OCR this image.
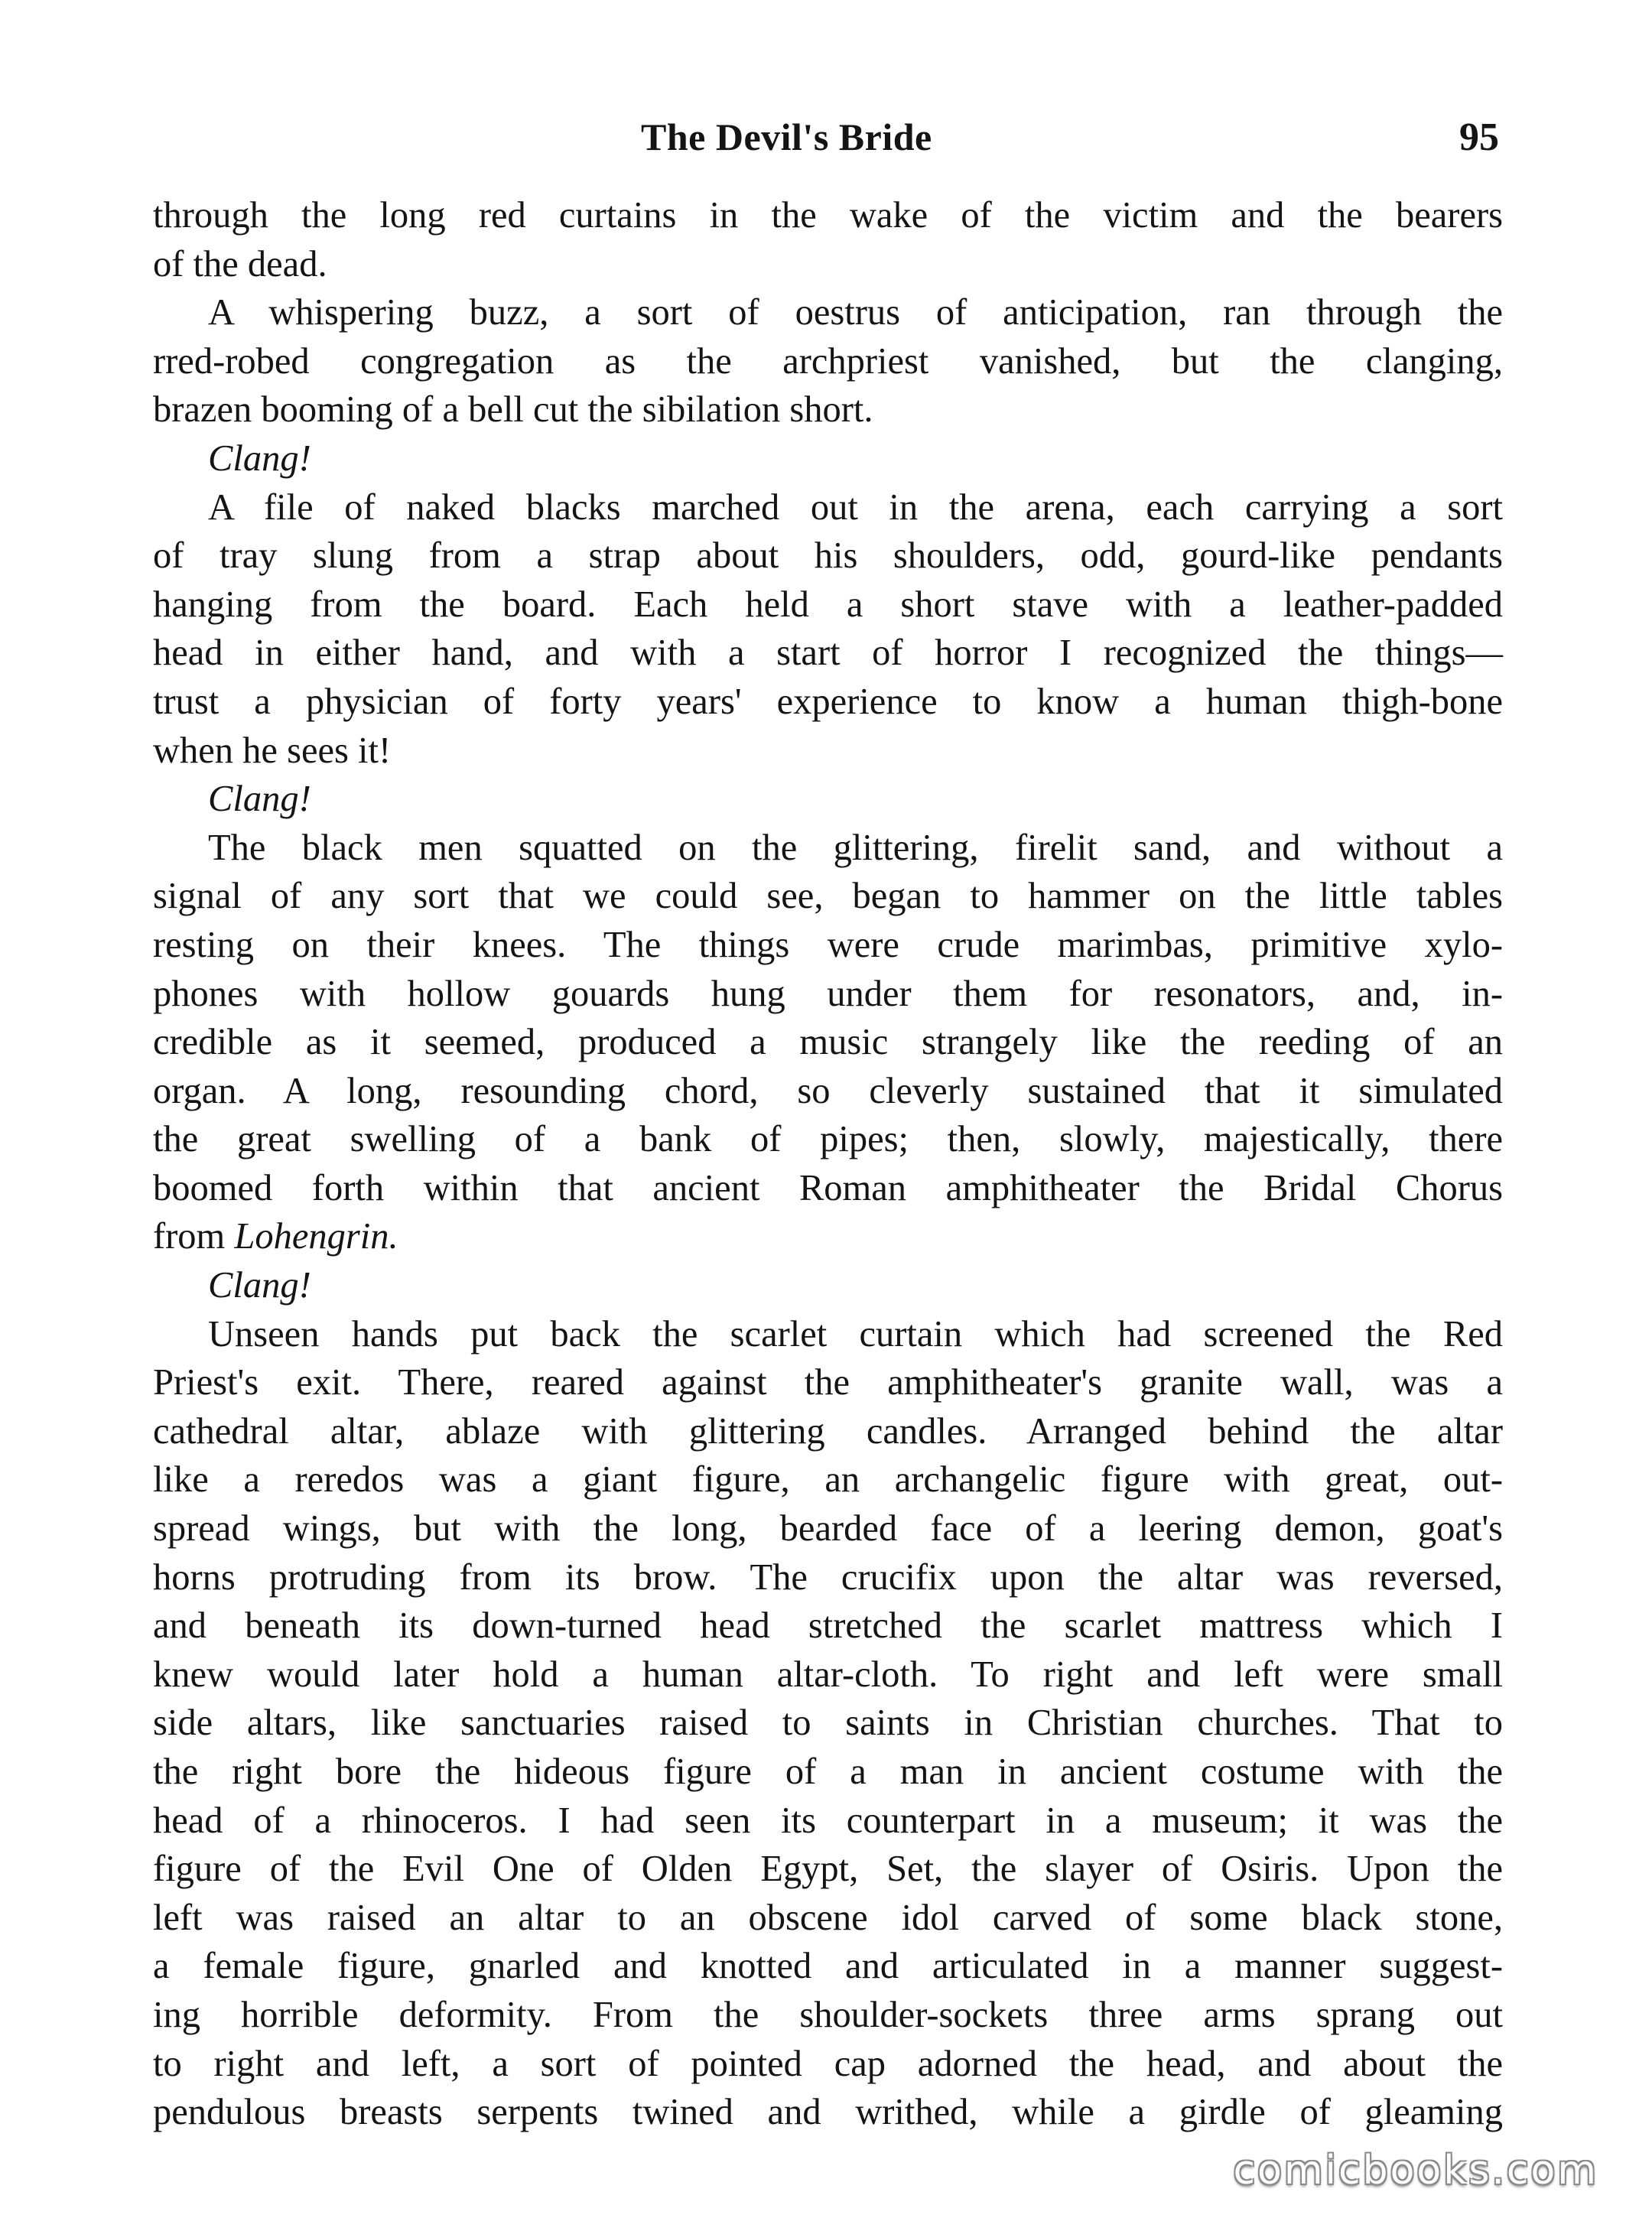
The Devil's Bride	95
through the long red curtains in the wake of the victim and the bearers
of the dead.
A whispering buzz, a sort of oestrus of anticipation, ran through the
rred-robed congregation as the archpriest vanished, but the clanging,
brazen booming of a bell cut the sibilation short.
Clang!
A file of naked blacks marched out in the arena, each carrying a sort
of tray slung from a strap about his shoulders, odd, gourd-like pendants
hanging from the board. Each held a short stave with a leather-padded
head in either hand, and with a start of horror I recognized the things—
trust a physician of forty years' experience to know a human thigh-bone
when he sees it!
Clang!
The black men squatted on the glittering, firelit sand, and without a
signal of any sort that we could see, began to hammer on the little tables
resting on their knees. The things were crude marimbas, primitive xylo-
phones with hollow gouards hung under them for resonators, and, in-
credible as it seemed, produced a music strangely like the reeding of an
organ. A long, resounding chord, so cleverly sustained that it simulated
the great swelling of a bank of pipes; then, slowly, majestically, there
boomed forth within that ancient Roman amphitheater the Bridal Chorus
from Lohengrin.
Clang!
Unseen hands put back the scarlet curtain which had screened the Red
Priest's exit. There, reared against the amphitheater's granite wall, was a
cathedral altar, ablaze with glittering candles. Arranged behind the altar
like a reredos was a giant figure, an archangelic figure with great, out-
spread wings, but with the long, bearded face of a leering demon, goat's
horns protruding from its brow. The crucifix upon the altar was reversed,
and beneath its down-turned head stretched the scarlet mattress which I
knew would later hold a human altar-cloth. To right and left were small
side altars, like sanctuaries raised to saints in Christian churches. That to
the right bore the hideous figure of a man in ancient costume with the
head of a rhinoceros. I had seen its counterpart in a museum; it was the
figure of the Evil One of Olden Egypt, Set, the slayer of Osiris. Upon the
left was raised an altar to an obscene idol carved of some black stone,
a female figure, gnarled and knotted and articulated in a manner suggest-
ing horrible deformity. From the shoulder-sockets three arms sprang out
to right and left, a sort of pointed cap adorned the head, and about the
pendulous breasts serpents twined and writhed, while a girdle of gleaming
comicbooks.com
